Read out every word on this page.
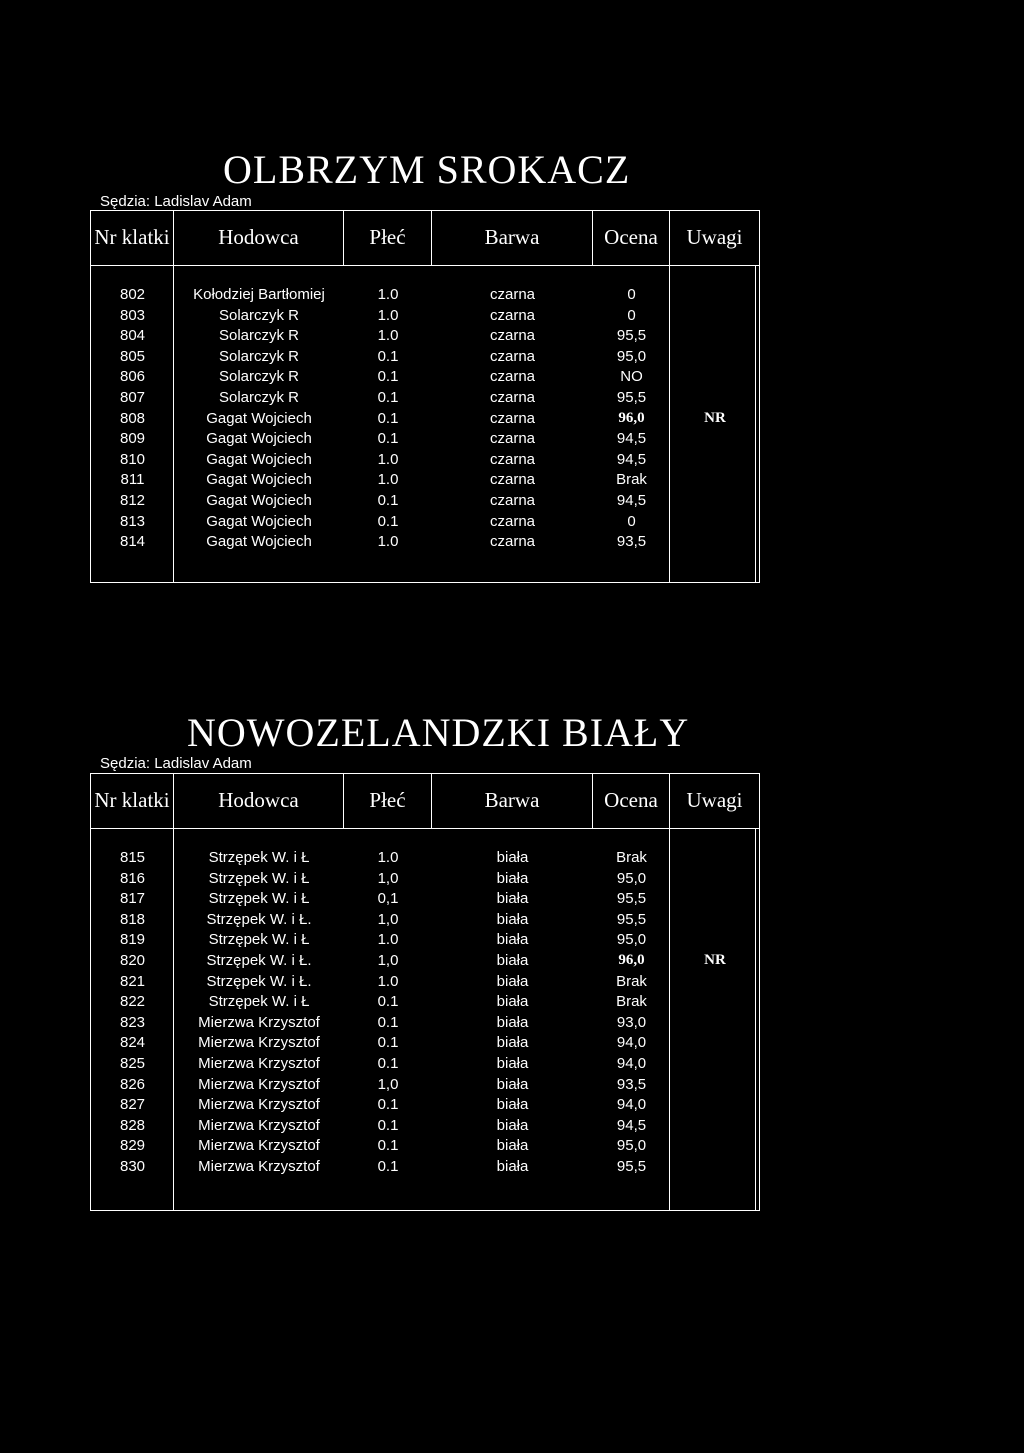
OLBRZYM SROKACZ
Sędzia: Ladislav Adam
Nr klatki	Hodowca	Płeć	Barwa	Ocena	Uwagi

802	Kołodziej Bartłomiej	1.0	czarna	0
803	Solarczyk R	1.0	czarna	0
804	Solarczyk R	1.0	czarna	95,5
805	Solarczyk R	0.1	czarna	95,0
806	Solarczyk R	0.1	czarna	NO
807	Solarczyk R	0.1	czarna	95,5
808	Gagat Wojciech	0.1	czarna	96,0	NR
809	Gagat Wojciech	0.1	czarna	94,5
810	Gagat Wojciech	1.0	czarna	94,5
811	Gagat Wojciech	1.0	czarna	Brak
812	Gagat Wojciech	0.1	czarna	94,5
813	Gagat Wojciech	0.1	czarna	0
814	Gagat Wojciech	1.0	czarna	93,5
NOWOZELANDZKI BIAŁY
Sędzia: Ladislav Adam
Nr klatki	Hodowca	Płeć	Barwa	Ocena	Uwagi

815	Strzępek W. i Ł	1.0	biała	Brak
816	Strzępek W. i Ł	1,0	biała	95,0
817	Strzępek W. i Ł	0,1	biała	95,5
818	Strzępek W. i Ł.	1,0	biała	95,5
819	Strzępek W. i Ł	1.0	biała	95,0
820	Strzępek W. i Ł.	1,0	biała	96,0	NR
821	Strzępek W. i Ł.	1.0	biała	Brak
822	Strzępek W. i Ł	0.1	biała	Brak
823	Mierzwa Krzysztof	0.1	biała	93,0
824	Mierzwa Krzysztof	0.1	biała	94,0
825	Mierzwa Krzysztof	0.1	biała	94,0
826	Mierzwa Krzysztof	1,0	biała	93,5
827	Mierzwa Krzysztof	0.1	biała	94,0
828	Mierzwa Krzysztof	0.1	biała	94,5
829	Mierzwa Krzysztof	0.1	biała	95,0
830	Mierzwa Krzysztof	0.1	biała	95,5
